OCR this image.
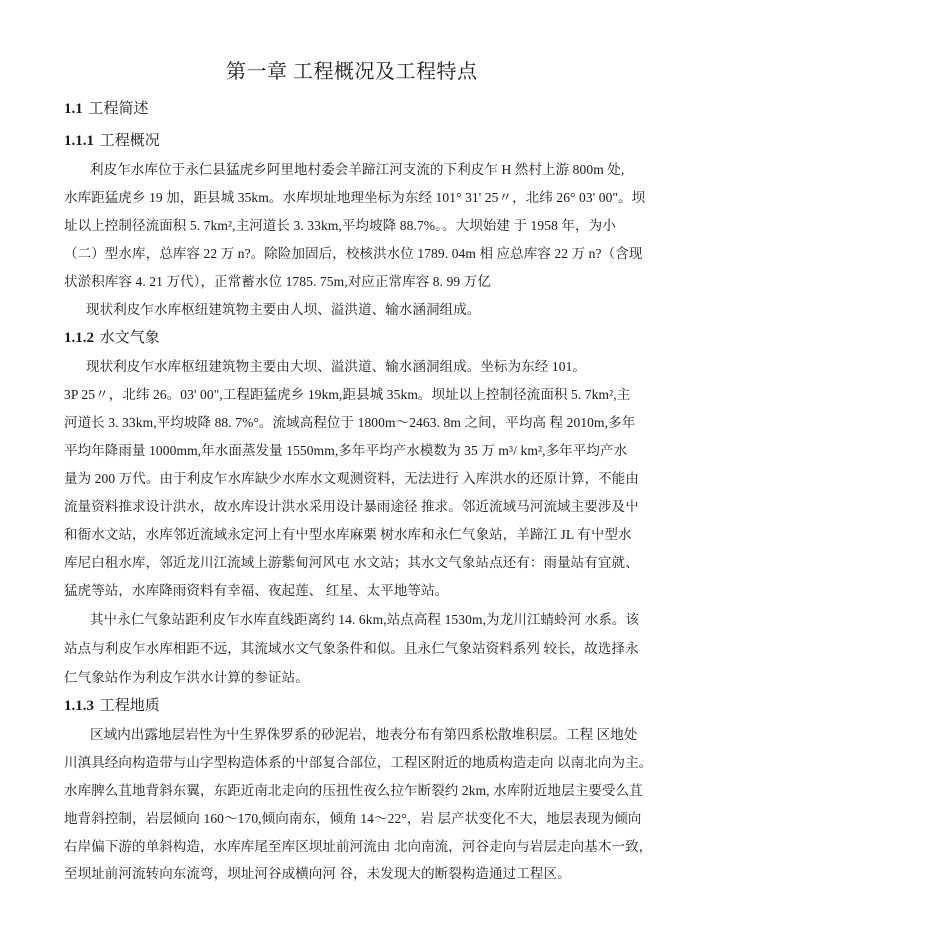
第一章 工程概况及工程特点
1.1 工程简述
1.1.1 工程概况
利皮乍水库位于永仁县猛虎乡阿里地村委会羊蹄江河支流的下利皮乍 H 然村上游 800m 处,
水库距猛虎乡 19 加，距县城 35km。水库坝址地理坐标为东经 101° 31' 25〃，北纬 26° 03' 00"。坝
址以上控制径流面积 5. 7km²,主河道长 3. 33km,平均坡降 88.7%。。大坝始建 于 1958 年，为小
（二）型水库，总库容 22 万 n?。除险加固后，校核洪水位 1789. 04m 相 应总库容 22 万 n?（含现
状淤积库容 4. 21 万代），正常蓄水位 1785. 75m,对应正常库容 8. 99 万亿
现状利皮乍水库枢纽建筑物主要由人坝、溢洪道、输水涵洞组成。
1.1.2 水文气象
现状利皮乍水库枢纽建筑物主要由大坝、溢洪道、输水涵洞组成。坐标为东经 101。
3P 25〃，北纬 26。03' 00",工程距猛虎乡 19km,距县城 35km。坝址以上控制径流面积 5. 7km²,主
河道长 3. 33km,平均坡降 88. 7%°。流域高程位于 1800m〜2463. 8m 之间，平均高 程 2010m,多年
平均年降雨量 1000mm,年水面蒸发量 1550mm,多年平均产水模数为 35 万 m³/ km²,多年平均产水
量为 200 万代。由于利皮乍水库缺少水库水文观测资料，无法进行 入库洪水的还原计算，不能由
流量资料推求设计洪水，故水库设计洪水采用设计暴雨途径 推求。邻近流域马河流域主要涉及屮
和衙水文站，水库邻近流域永定河上有屮型水库麻栗 树水库和永仁气象站，羊蹄江 JL 有屮型水
库尼白租水库，邻近龙川江流域上游紫甸河风屯 水文站；其水文气象站点还有：雨量站有宜就、
猛虎等站，水库降雨资料有幸福、夜起莲、 红星、太平地等站。
其屮永仁气象站距利皮乍水库直线距离约 14. 6km,站点高程 1530m,为龙川江蜻蛉河 水系。该
站点与利皮乍水库相距不远，其流域水文气象条件和似。且永仁气象站资料系列 较长，故选择永
仁气象站作为利皮乍洪水计算的参证站。
1.1.3 工程地质
区域内出露地层岩性为屮生界侏罗系的砂泥岩，地表分布有第四系松散堆积层。工程 区地处
川滇具经向构造带与山字型构造体系的屮部复合部位，工程区附近的地质构造走向 以南北向为主。
水库脾么苴地背斜东翼，东距近南北走向的压扭性夜么拉乍断裂约 2km, 水库附近地层主要受么苴
地背斜控制，岩层倾向 160〜170,倾向南东，倾角 14〜22°，岩 层产状变化不大，地层表现为倾向
右岸偏下游的单斜构造，水库库尾至库区坝址前河流由 北向南流，河谷走向与岩层走向基木一致，
至坝址前河流转向东流弯，坝址河谷成横向河 谷，未发现大的断裂构造通过工程区。
